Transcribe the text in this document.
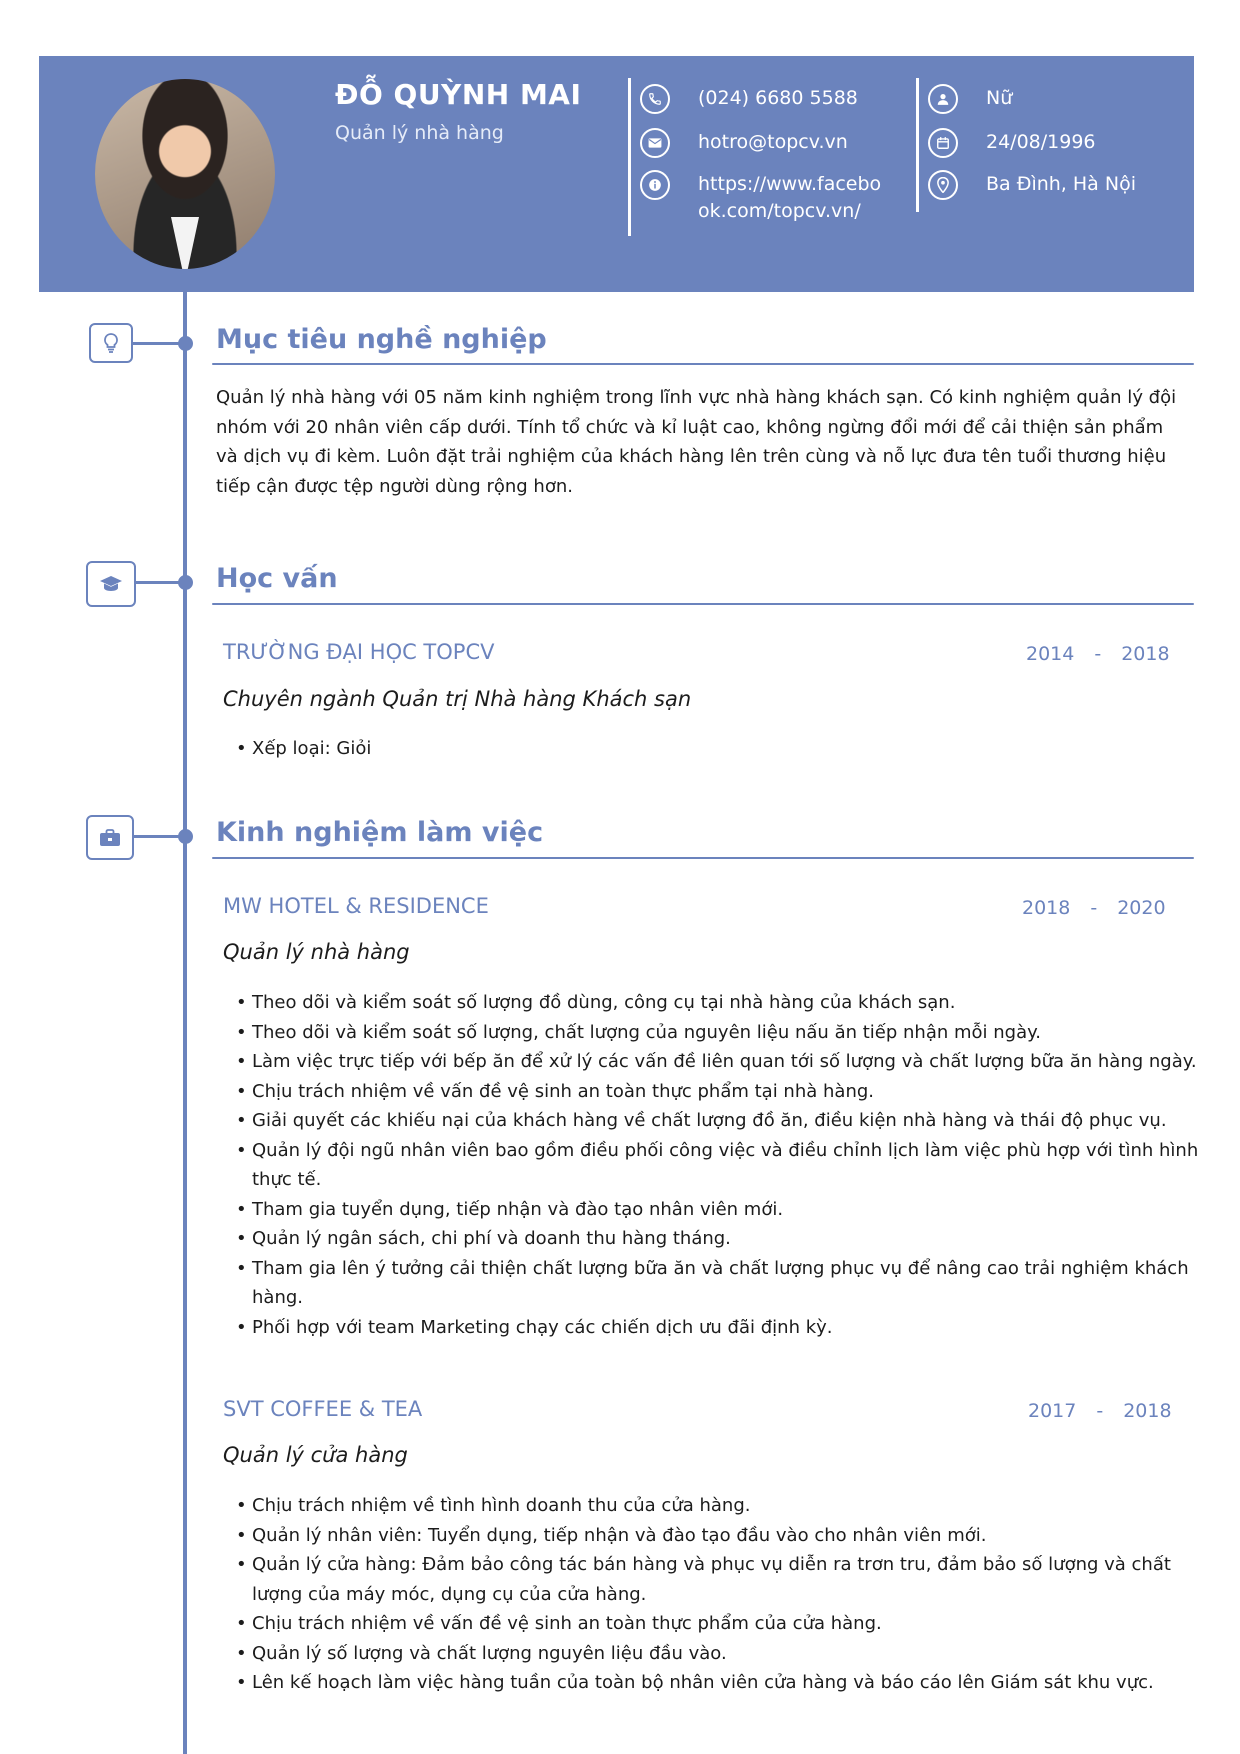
ĐỖ QUỲNH MAI
Quản lý nhà hàng
(024) 6680 5588
hotro@topcv.vn
https://www.facebo
ok.com/topcv.vn/
Nữ
24/08/1996
Ba Đình, Hà Nội
Mục tiêu nghề nghiệp

Quản lý nhà hàng với 05 năm kinh nghiệm trong lĩnh vực nhà hàng khách sạn. Có kinh nghiệm quản lý đội nhóm với 20 nhân viên cấp dưới. Tính tổ chức và kỉ luật cao, không ngừng đổi mới để cải thiện sản phẩm và dịch vụ đi kèm. Luôn đặt trải nghiệm của khách hàng lên trên cùng và nỗ lực đưa tên tuổi thương hiệu tiếp cận được tệp người dùng rộng hơn.

Học vấn
TRƯỜNG ĐẠI HỌC TOPCV	2014 - 2018
Chuyên ngành Quản trị Nhà hàng Khách sạn
• Xếp loại: Giỏi
Kinh nghiệm làm việc
MW HOTEL & RESIDENCE	2018 - 2020
Quản lý nhà hàng
• Theo dõi và kiểm soát số lượng đồ dùng, công cụ tại nhà hàng của khách sạn.
• Theo dõi và kiểm soát số lượng, chất lượng của nguyên liệu nấu ăn tiếp nhận mỗi ngày.
• Làm việc trực tiếp với bếp ăn để xử lý các vấn đề liên quan tới số lượng và chất lượng bữa ăn hàng ngày.
• Chịu trách nhiệm về vấn đề vệ sinh an toàn thực phẩm tại nhà hàng.
• Giải quyết các khiếu nại của khách hàng về chất lượng đồ ăn, điều kiện nhà hàng và thái độ phục vụ.
• Quản lý đội ngũ nhân viên bao gồm điều phối công việc và điều chỉnh lịch làm việc phù hợp với tình hình thực tế.
• Tham gia tuyển dụng, tiếp nhận và đào tạo nhân viên mới.
• Quản lý ngân sách, chi phí và doanh thu hàng tháng.
• Tham gia lên ý tưởng cải thiện chất lượng bữa ăn và chất lượng phục vụ để nâng cao trải nghiệm khách hàng.
• Phối hợp với team Marketing chạy các chiến dịch ưu đãi định kỳ.
SVT COFFEE & TEA	2017 - 2018
Quản lý cửa hàng
• Chịu trách nhiệm về tình hình doanh thu của cửa hàng.
• Quản lý nhân viên: Tuyển dụng, tiếp nhận và đào tạo đầu vào cho nhân viên mới.
• Quản lý cửa hàng: Đảm bảo công tác bán hàng và phục vụ diễn ra trơn tru, đảm bảo số lượng và chất lượng của máy móc, dụng cụ của cửa hàng.
• Chịu trách nhiệm về vấn đề vệ sinh an toàn thực phẩm của cửa hàng.
• Quản lý số lượng và chất lượng nguyên liệu đầu vào.
• Lên kế hoạch làm việc hàng tuần của toàn bộ nhân viên cửa hàng và báo cáo lên Giám sát khu vực.
